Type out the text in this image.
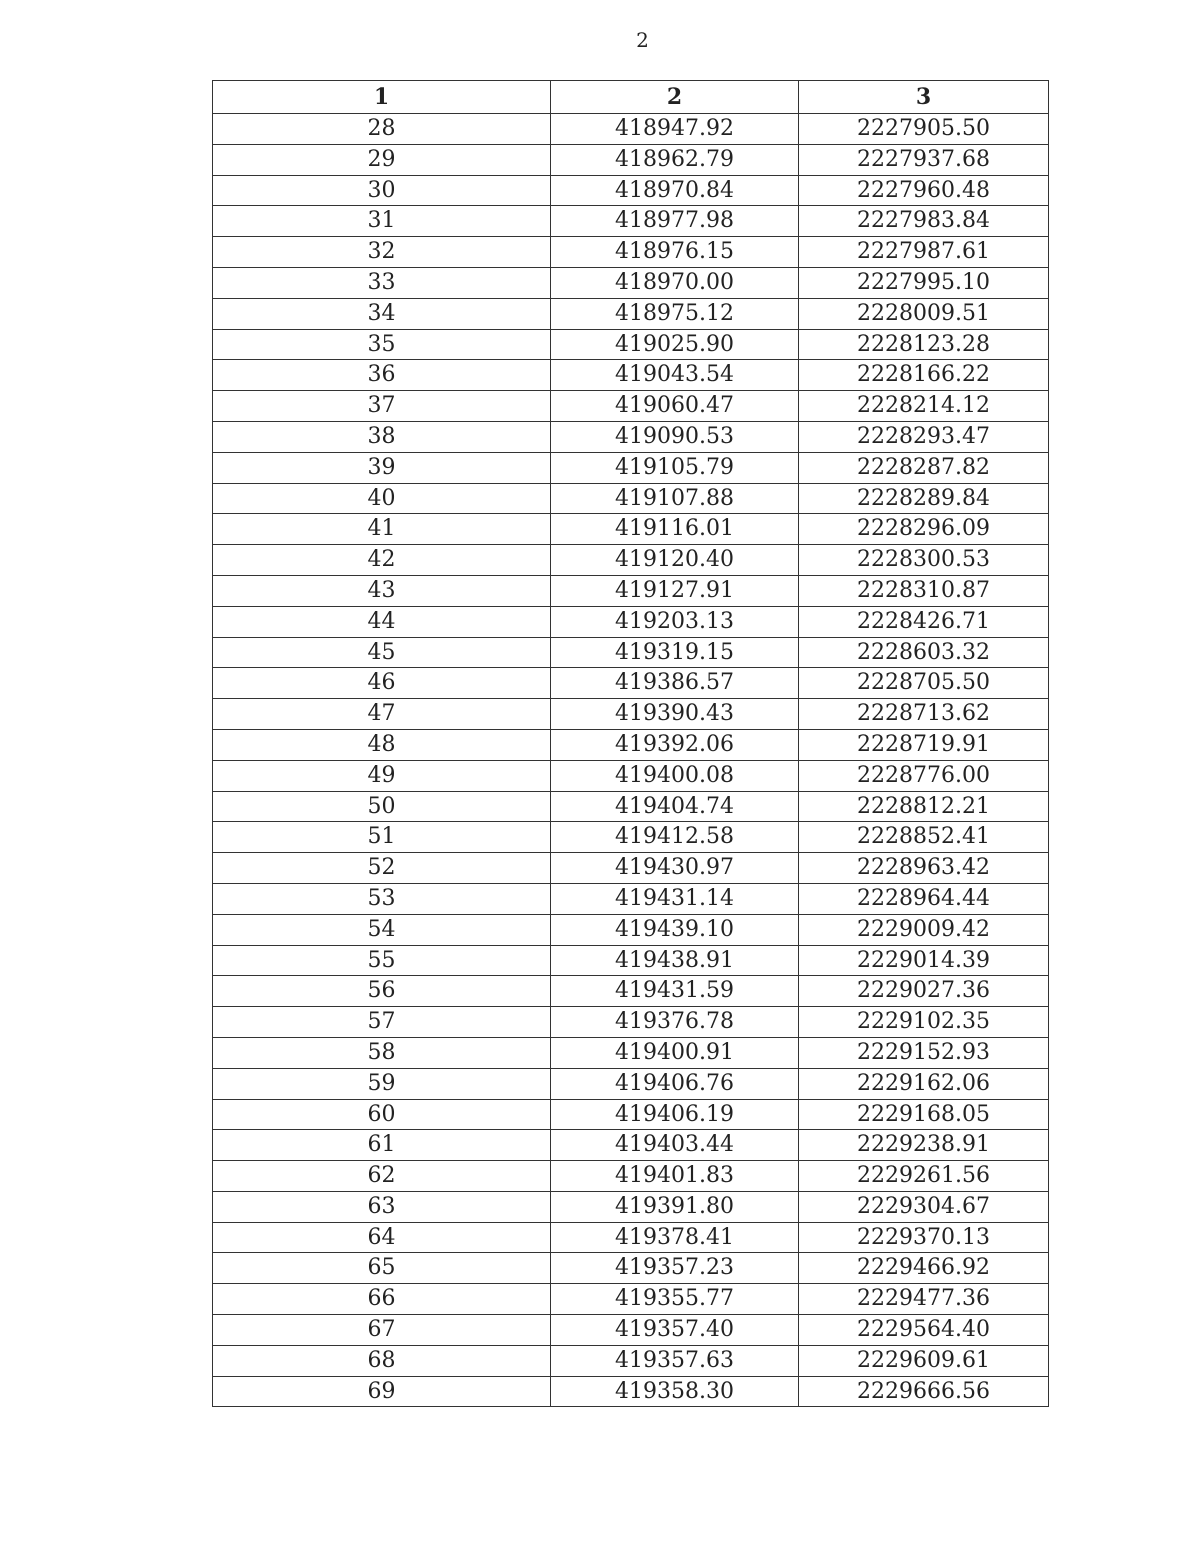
2
1	2	3
28	418947.92	2227905.50
29	418962.79	2227937.68
30	418970.84	2227960.48
31	418977.98	2227983.84
32	418976.15	2227987.61
33	418970.00	2227995.10
34	418975.12	2228009.51
35	419025.90	2228123.28
36	419043.54	2228166.22
37	419060.47	2228214.12
38	419090.53	2228293.47
39	419105.79	2228287.82
40	419107.88	2228289.84
41	419116.01	2228296.09
42	419120.40	2228300.53
43	419127.91	2228310.87
44	419203.13	2228426.71
45	419319.15	2228603.32
46	419386.57	2228705.50
47	419390.43	2228713.62
48	419392.06	2228719.91
49	419400.08	2228776.00
50	419404.74	2228812.21
51	419412.58	2228852.41
52	419430.97	2228963.42
53	419431.14	2228964.44
54	419439.10	2229009.42
55	419438.91	2229014.39
56	419431.59	2229027.36
57	419376.78	2229102.35
58	419400.91	2229152.93
59	419406.76	2229162.06
60	419406.19	2229168.05
61	419403.44	2229238.91
62	419401.83	2229261.56
63	419391.80	2229304.67
64	419378.41	2229370.13
65	419357.23	2229466.92
66	419355.77	2229477.36
67	419357.40	2229564.40
68	419357.63	2229609.61
69	419358.30	2229666.56
